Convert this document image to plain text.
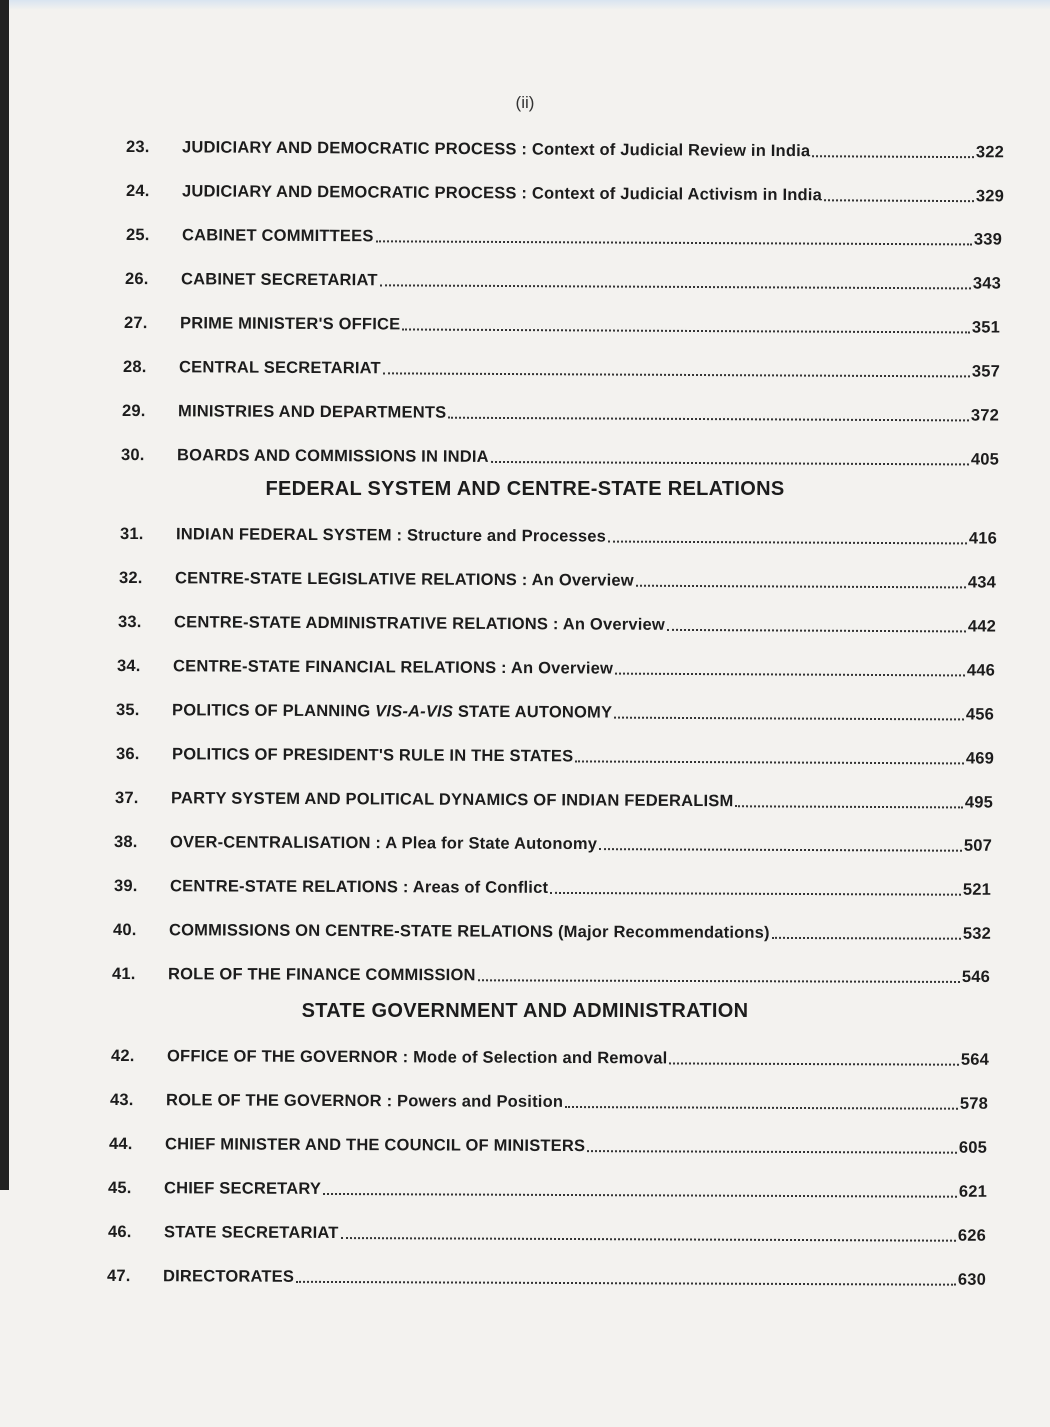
(ii)
23.	JUDICIARY AND DEMOCRATIC PROCESS : Context of Judicial Review in India	322
24.	JUDICIARY AND DEMOCRATIC PROCESS : Context of Judicial Activism in India	329
25.	CABINET COMMITTEES	339
26.	CABINET SECRETARIAT	343
27.	PRIME MINISTER'S OFFICE	351
28.	CENTRAL SECRETARIAT	357
29.	MINISTRIES AND DEPARTMENTS	372
30.	BOARDS AND COMMISSIONS IN INDIA	405
FEDERAL SYSTEM AND CENTRE-STATE RELATIONS
31.	INDIAN FEDERAL SYSTEM : Structure and Processes	416
32.	CENTRE-STATE LEGISLATIVE RELATIONS : An Overview	434
33.	CENTRE-STATE ADMINISTRATIVE RELATIONS : An Overview	442
34.	CENTRE-STATE FINANCIAL RELATIONS : An Overview	446
35.	POLITICS OF PLANNING VIS-A-VIS STATE AUTONOMY	456
36.	POLITICS OF PRESIDENT'S RULE IN THE STATES	469
37.	PARTY SYSTEM AND POLITICAL DYNAMICS OF INDIAN FEDERALISM	495
38.	OVER-CENTRALISATION : A Plea for State Autonomy	507
39.	CENTRE-STATE RELATIONS : Areas of Conflict	521
40.	COMMISSIONS ON CENTRE-STATE RELATIONS (Major Recommendations)	532
41.	ROLE OF THE FINANCE COMMISSION	546
STATE GOVERNMENT AND ADMINISTRATION
42.	OFFICE OF THE GOVERNOR : Mode of Selection and Removal	564
43.	ROLE OF THE GOVERNOR : Powers and Position	578
44.	CHIEF MINISTER AND THE COUNCIL OF MINISTERS	605
45.	CHIEF SECRETARY	621
46.	STATE SECRETARIAT	626
47.	DIRECTORATES	630
